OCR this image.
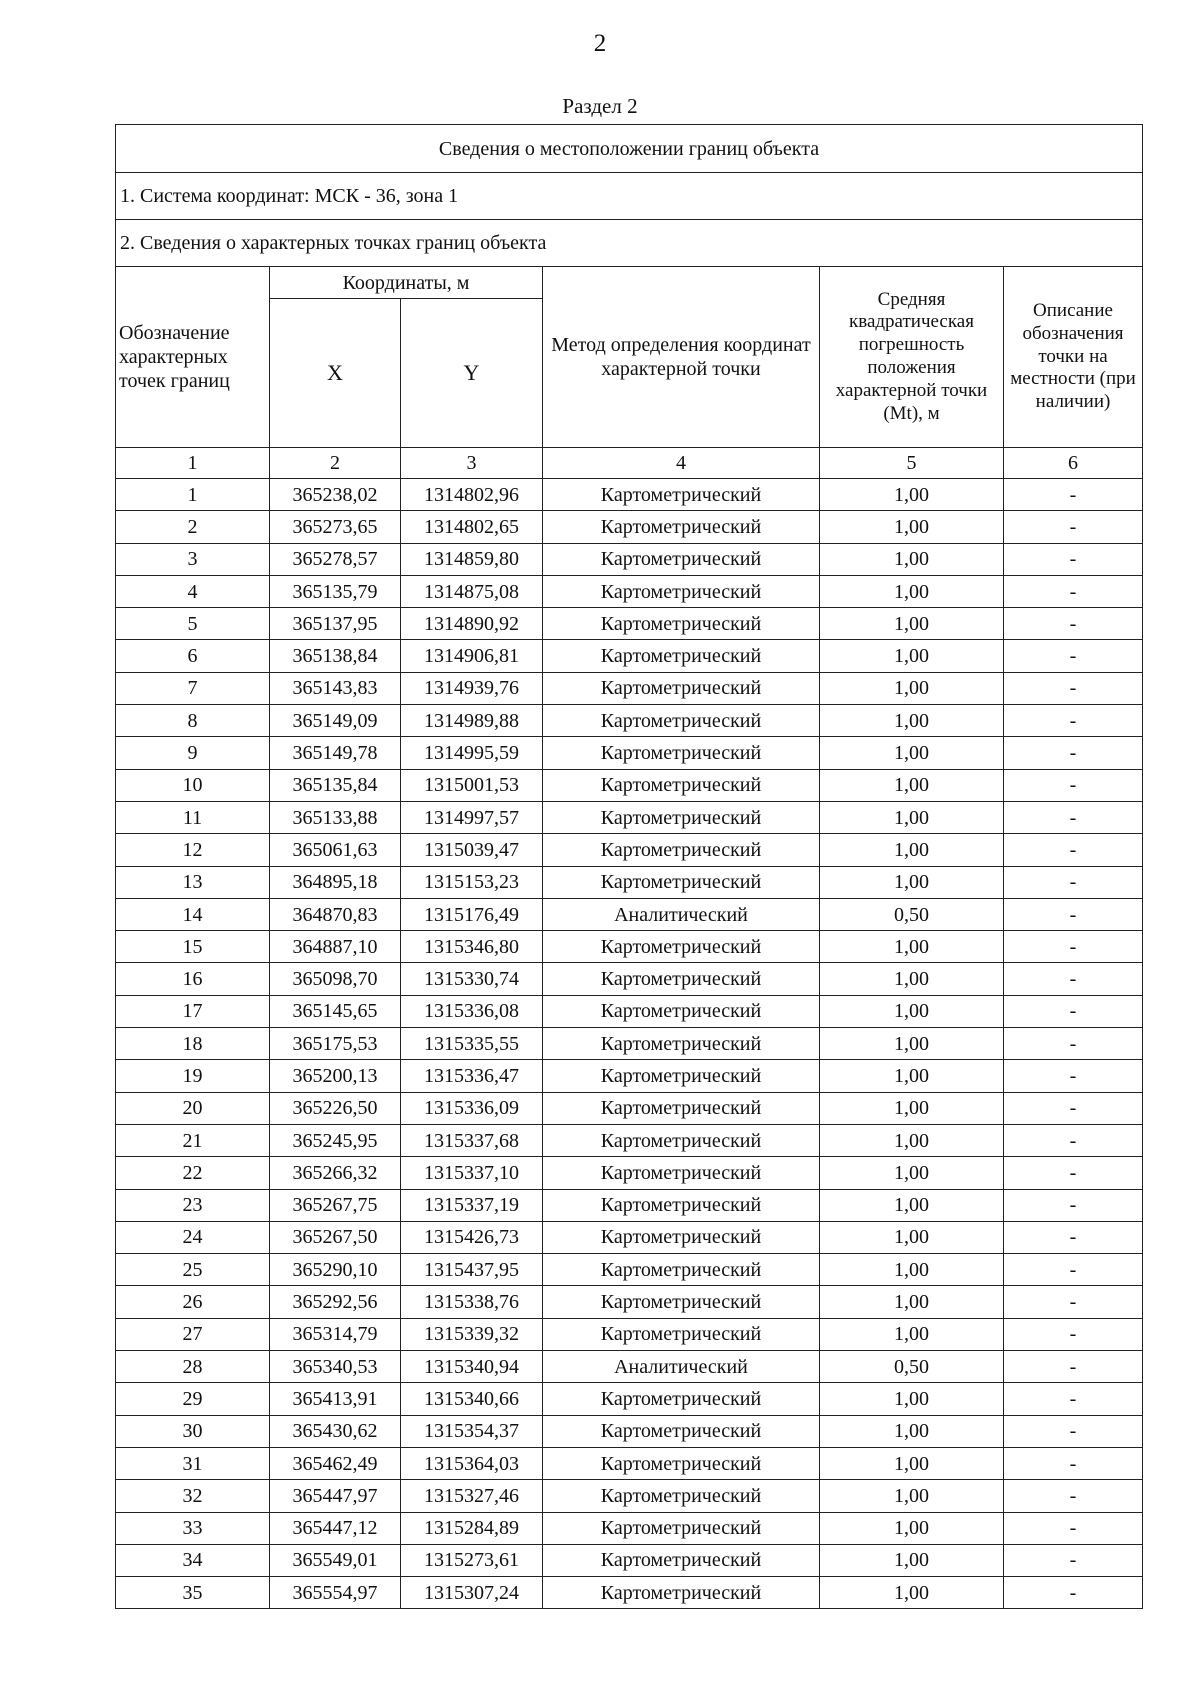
2
Раздел 2
Сведения о местоположении границ объекта					
1. Система координат: МСК - 36, зона 1					
2. Сведения о характерных точках границ объекта					
Обозначение характерных точек границ	Координаты, м		Метод определения координат характерной точки	Средняя квадратическая погрешность положения характерной точки (Mt), м	Описание обозначения точки на местности (при наличии)
	X	Y			
1	2	3	4	5	6
1	365238,02	1314802,96	Картометрический	1,00	-
2	365273,65	1314802,65	Картометрический	1,00	-
3	365278,57	1314859,80	Картометрический	1,00	-
4	365135,79	1314875,08	Картометрический	1,00	-
5	365137,95	1314890,92	Картометрический	1,00	-
6	365138,84	1314906,81	Картометрический	1,00	-
7	365143,83	1314939,76	Картометрический	1,00	-
8	365149,09	1314989,88	Картометрический	1,00	-
9	365149,78	1314995,59	Картометрический	1,00	-
10	365135,84	1315001,53	Картометрический	1,00	-
11	365133,88	1314997,57	Картометрический	1,00	-
12	365061,63	1315039,47	Картометрический	1,00	-
13	364895,18	1315153,23	Картометрический	1,00	-
14	364870,83	1315176,49	Аналитический	0,50	-
15	364887,10	1315346,80	Картометрический	1,00	-
16	365098,70	1315330,74	Картометрический	1,00	-
17	365145,65	1315336,08	Картометрический	1,00	-
18	365175,53	1315335,55	Картометрический	1,00	-
19	365200,13	1315336,47	Картометрический	1,00	-
20	365226,50	1315336,09	Картометрический	1,00	-
21	365245,95	1315337,68	Картометрический	1,00	-
22	365266,32	1315337,10	Картометрический	1,00	-
23	365267,75	1315337,19	Картометрический	1,00	-
24	365267,50	1315426,73	Картометрический	1,00	-
25	365290,10	1315437,95	Картометрический	1,00	-
26	365292,56	1315338,76	Картометрический	1,00	-
27	365314,79	1315339,32	Картометрический	1,00	-
28	365340,53	1315340,94	Аналитический	0,50	-
29	365413,91	1315340,66	Картометрический	1,00	-
30	365430,62	1315354,37	Картометрический	1,00	-
31	365462,49	1315364,03	Картометрический	1,00	-
32	365447,97	1315327,46	Картометрический	1,00	-
33	365447,12	1315284,89	Картометрический	1,00	-
34	365549,01	1315273,61	Картометрический	1,00	-
35	365554,97	1315307,24	Картометрический	1,00	-
